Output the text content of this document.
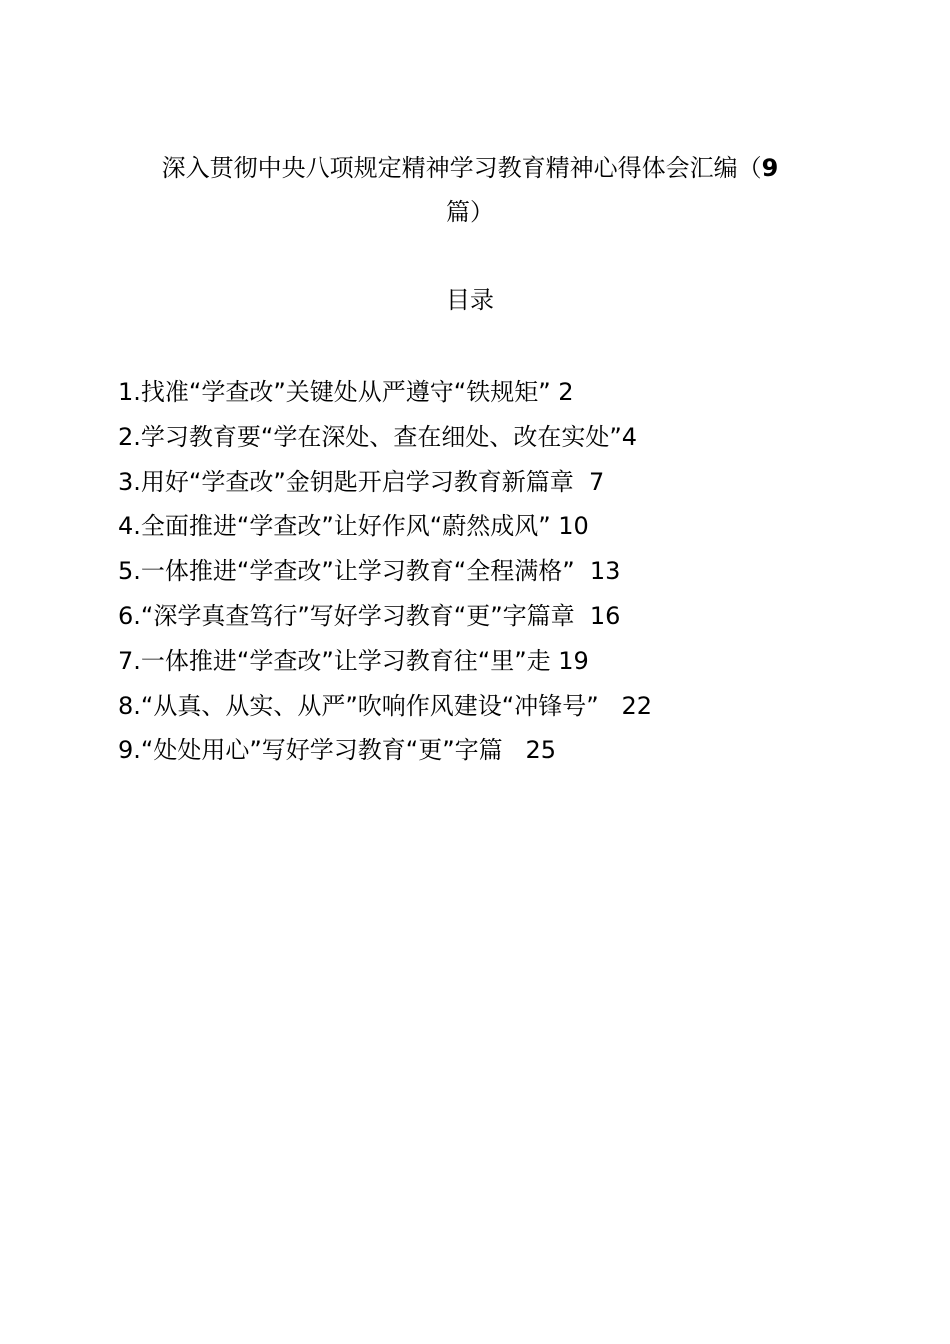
深入贯彻中央八项规定精神学习教育精神心得体会汇编（9
篇）
目录
1.找准“学查改”关键处从严遵守“铁规矩” 2
2.学习教育要“学在深处、查在细处、改在实处”4
3.用好“学查改”金钥匙开启学习教育新篇章  7
4.全面推进“学查改”让好作风“蔚然成风” 10
5.一体推进“学查改”让学习教育“全程满格”  13
6.“深学真查笃行”写好学习教育“更”字篇章  16
7.一体推进“学查改”让学习教育往“里”走 19
8.“从真、从实、从严”吹响作风建设“冲锋号”   22
9.“处处用心”写好学习教育“更”字篇   25
